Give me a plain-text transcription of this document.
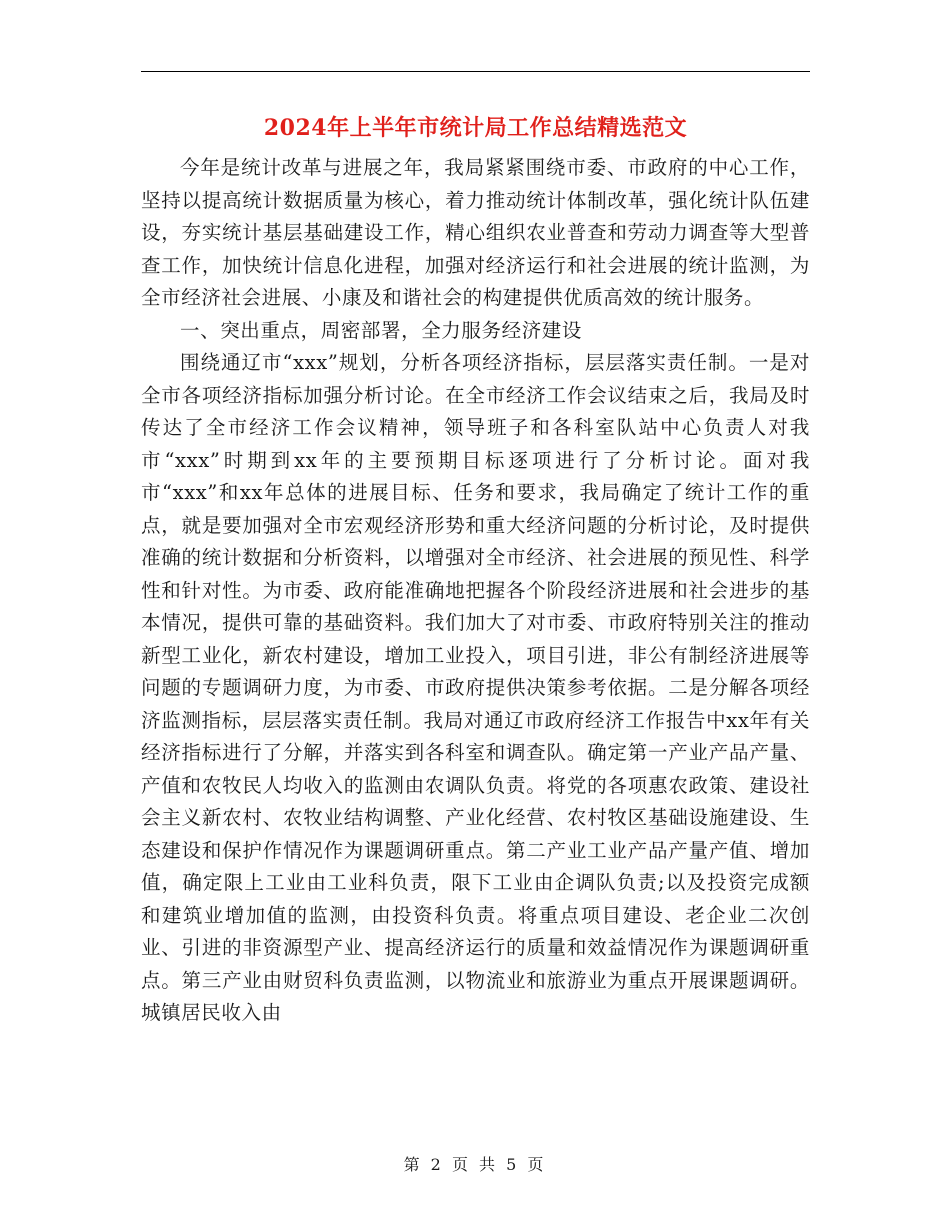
2024年上半年市统计局工作总结精选范文

今年是统计改革与进展之年，我局紧紧围绕市委、市政府的中心工作，坚持以提高统计数据质量为核心，着力推动统计体制改革，强化统计队伍建设，夯实统计基层基础建设工作，精心组织农业普查和劳动力调查等大型普查工作，加快统计信息化进程，加强对经济运行和社会进展的统计监测，为全市经济社会进展、小康及和谐社会的构建提供优质高效的统计服务。

一、突出重点，周密部署，全力服务经济建设

围绕通辽市“xxx”规划，分析各项经济指标，层层落实责任制。一是对全市各项经济指标加强分析讨论。在全市经济工作会议结束之后，我局及时传达了全市经济工作会议精神，领导班子和各科室队站中心负责人对我市“xxx”时期到xx年的主要预期目标逐项进行了分析讨论。面对我市“xxx”和xx年总体的进展目标、任务和要求，我局确定了统计工作的重点，就是要加强对全市宏观经济形势和重大经济问题的分析讨论，及时提供准确的统计数据和分析资料，以增强对全市经济、社会进展的预见性、科学性和针对性。为市委、政府能准确地把握各个阶段经济进展和社会进步的基本情况，提供可靠的基础资料。我们加大了对市委、市政府特别关注的推动新型工业化，新农村建设，增加工业投入，项目引进，非公有制经济进展等问题的专题调研力度，为市委、市政府提供决策参考依据。二是分解各项经济监测指标，层层落实责任制。我局对通辽市政府经济工作报告中xx年有关经济指标进行了分解，并落实到各科室和调查队。确定第一产业产品产量、产值和农牧民人均收入的监测由农调队负责。将党的各项惠农政策、建设社会主义新农村、农牧业结构调整、产业化经营、农村牧区基础设施建设、生态建设和保护作情况作为课题调研重点。第二产业工业产品产量产值、增加值，确定限上工业由工业科负责，限下工业由企调队负责;以及投资完成额和建筑业增加值的监测，由投资科负责。将重点项目建设、老企业二次创业、引进的非资源型产业、提高经济运行的质量和效益情况作为课题调研重点。第三产业由财贸科负责监测，以物流业和旅游业为重点开展课题调研。城镇居民收入由

第 2 页 共 5 页
